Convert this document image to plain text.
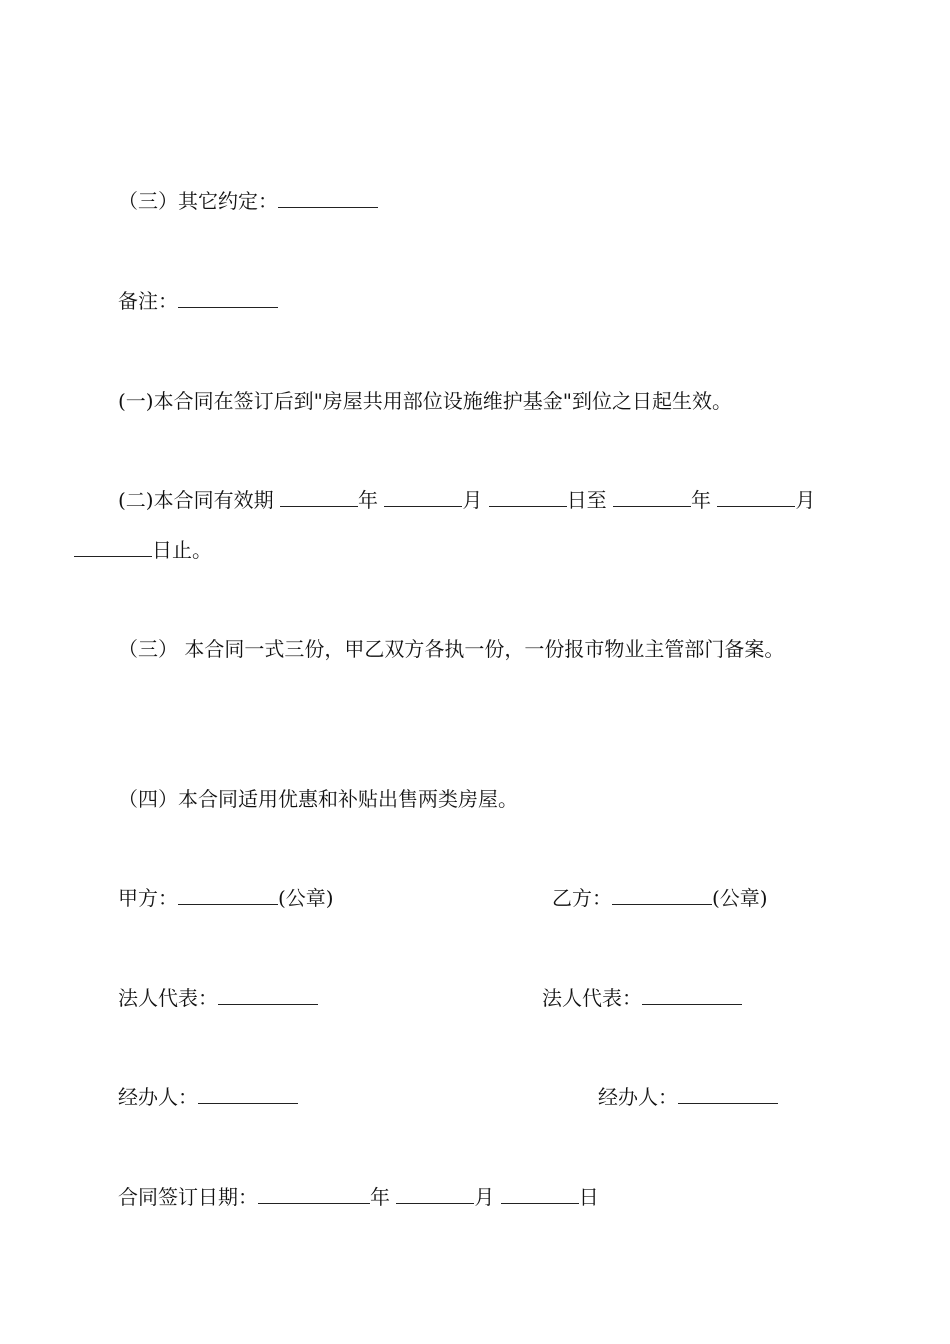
（三）其它约定：
备注：
(一)本合同在签订后到"房屋共用部位设施维护基金"到位之日起生效。
(二)本合同有效期	年	月	日至	年	月
日止。
（三） 本合同一式三份，甲乙双方各执一份，一份报市物业主管部门备案。
（四）本合同适用优惠和补贴出售两类房屋。
甲方：	(公章)	乙方：	(公章)
法人代表：	法人代表：
经办人：	经办人：
合同签订日期：	年	月	日
